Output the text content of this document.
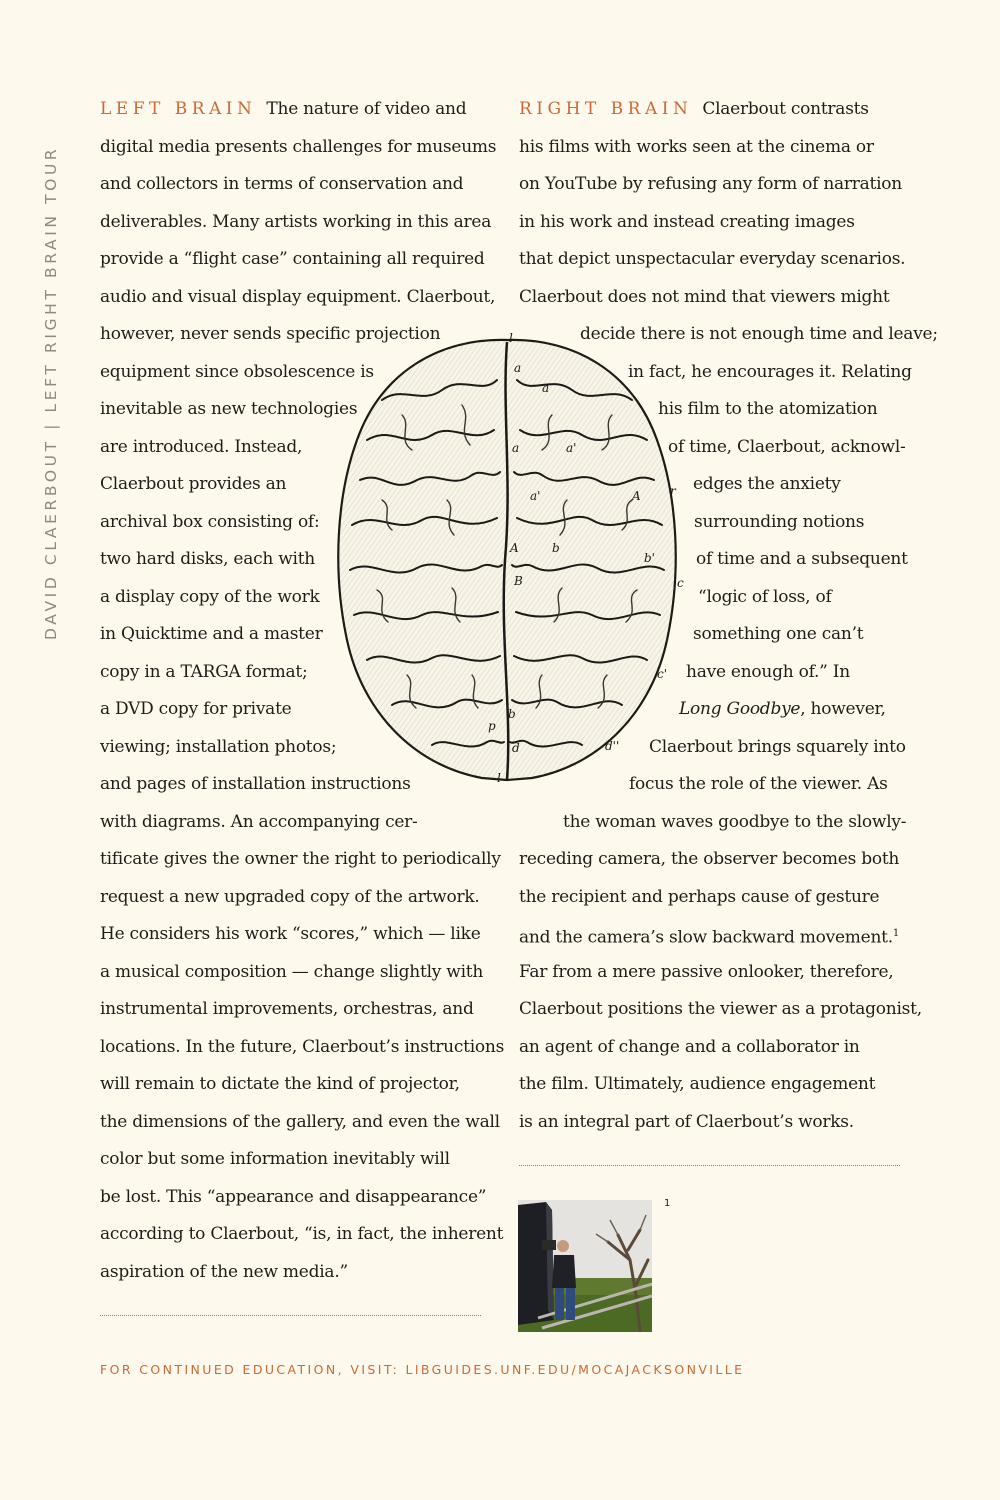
DAVID CLAERBOUT | LEFT RIGHT BRAIN TOUR
LEFT BRAIN The nature of video and
digital media presents challenges for museums
and collectors in terms of conservation and
deliverables. Many artists working in this area
provide a “flight case” containing all required
audio and visual display equipment. Claerbout,
however, never sends specific projection
equipment since obsolescence is
inevitable as new technologies
are introduced. Instead,
Claerbout provides an
archival box consisting of:
two hard disks, each with
a display copy of the work
in Quicktime and a master
copy in a TARGA format;
a DVD copy for private
viewing; installation photos;
and pages of installation instructions
with diagrams. An accompanying cer-
tificate gives the owner the right to periodically
request a new upgraded copy of the artwork.
He considers his work “scores,” which — like
a musical composition — change slightly with
instrumental improvements, orchestras, and
locations. In the future, Claerbout’s instructions
will remain to dictate the kind of projector,
the dimensions of the gallery, and even the wall
color but some information inevitably will
be lost. This “appearance and disappearance”
according to Claerbout, “is, in fact, the inherent
aspiration of the new media.”
RIGHT BRAIN Claerbout contrasts
his films with works seen at the cinema or
on YouTube by refusing any form of narration
in his work and instead creating images
that depict unspectacular everyday scenarios.
Claerbout does not mind that viewers might
decide there is not enough time and leave;
in fact, he encourages it. Relating
his film to the atomization
of time, Claerbout, acknowl-
edges the anxiety
surrounding notions
of time and a subsequent
“logic of loss, of
something one can’t
have enough of.” In
Long Goodbye, however,
Claerbout brings squarely into
focus the role of the viewer. As
the woman waves goodbye to the slowly-
receding camera, the observer becomes both
the recipient and perhaps cause of gesture
and the camera’s slow backward movement.$^1$
Far from a mere passive onlooker, therefore,
Claerbout positions the viewer as a protagonist,
an agent of change and a collaborator in
the film. Ultimately, audience engagement
is an integral part of Claerbout’s works.
l
a
a
a	a'
a'	A
A
B
b
b'
c
c'
r
b
p
d	d''
l
1
FOR CONTINUED EDUCATION, VISIT: LIBGUIDES.UNF.EDU/MOCAJACKSONVILLE
